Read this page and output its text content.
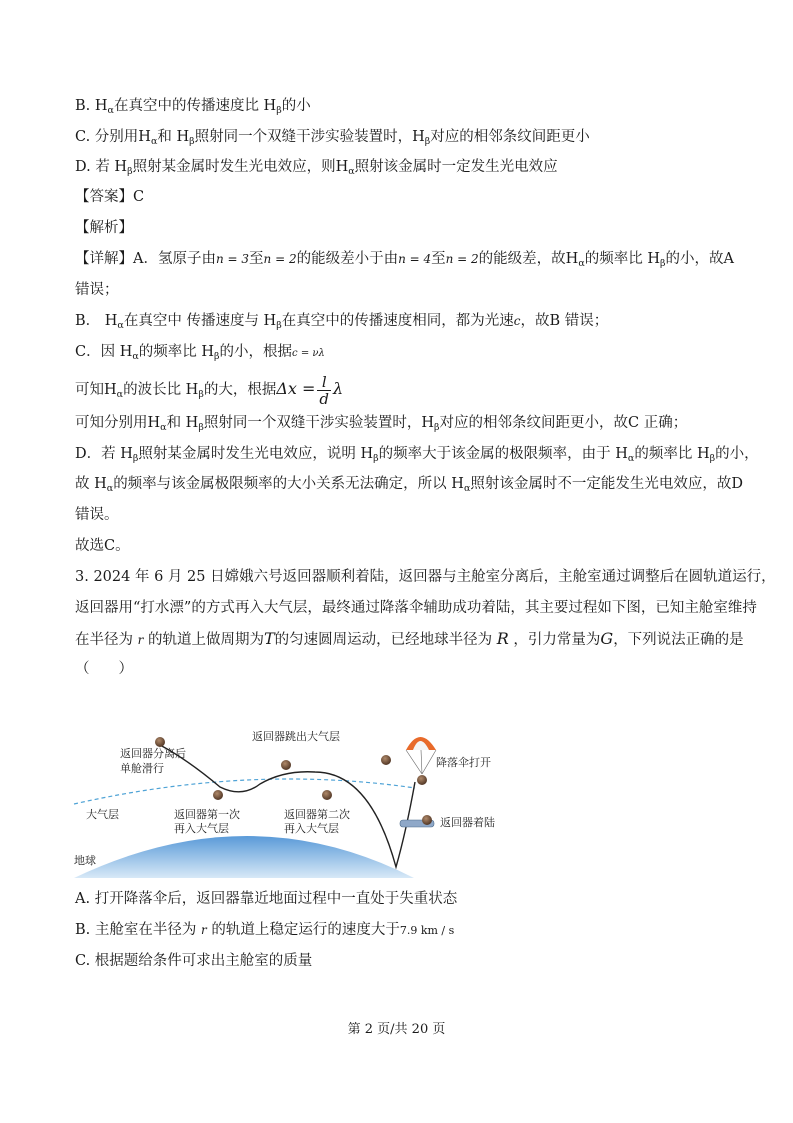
B. $H_\alpha$在真空中的传播速度比 $H_\beta$的小
C. 分别用$H_\alpha$和 $H_\beta$照射同一个双缝干涉实验装置时，$H_\beta$对应的相邻条纹间距更小
D. 若 $H_\beta$照射某金属时发生光电效应，则$H_\alpha$照射该金属时一定发生光电效应
【答案】C
【解析】
【详解】A．氢原子由n = 3至n = 2的能级差小于由n = 4至n = 2的能级差，故$H_\alpha$的频率比 $H_\beta$的小，故A
错误；
B． $H_\alpha$在真空中 传播速度与 $H_\beta$在真空中的传播速度相同，都为光速c，故B 错误；
C．因 $H_\alpha$的频率比 $H_\beta$的小，根据c = νλ
可知$H_\alpha$的波长比 $H_\beta$的大，根据$\Delta x = \frac{l}{d}$ λ
可知分别用$H_\alpha$和 $H_\beta$照射同一个双缝干涉实验装置时，$H_\beta$对应的相邻条纹间距更小，故C 正确；
D．若 $H_\beta$照射某金属时发生光电效应，说明 $H_\beta$的频率大于该金属的极限频率，由于 $H_\alpha$的频率比 $H_\beta$的小，
故 $H_\alpha$的频率与该金属极限频率的大小关系无法确定，所以 $H_\alpha$照射该金属时不一定能发生光电效应，故D
错误。
故选C。
3. 2024 年 6 月 25 日嫦娥六号返回器顺利着陆，返回器与主舱室分离后，主舱室通过调整后在圆轨道运行，
返回器用“打水漂”的方式再入大气层，最终通过降落伞辅助成功着陆，其主要过程如下图，已知主舱室维持
在半径为 r 的轨道上做周期为T的匀速圆周运动，已经地球半径为 R ，引力常量为G，下列说法正确的是
（　　）
返回器分离后
单舱滑行
返回器跳出大气层
降落伞打开
大气层	返回器第一次
再入大气层
返回器第二次
再入大气层	返回器着陆
地球
A. 打开降落伞后，返回器靠近地面过程中一直处于失重状态
B. 主舱室在半径为 r 的轨道上稳定运行的速度大于7.9 km / s
C. 根据题给条件可求出主舱室的质量
第 2 页/共 20 页
